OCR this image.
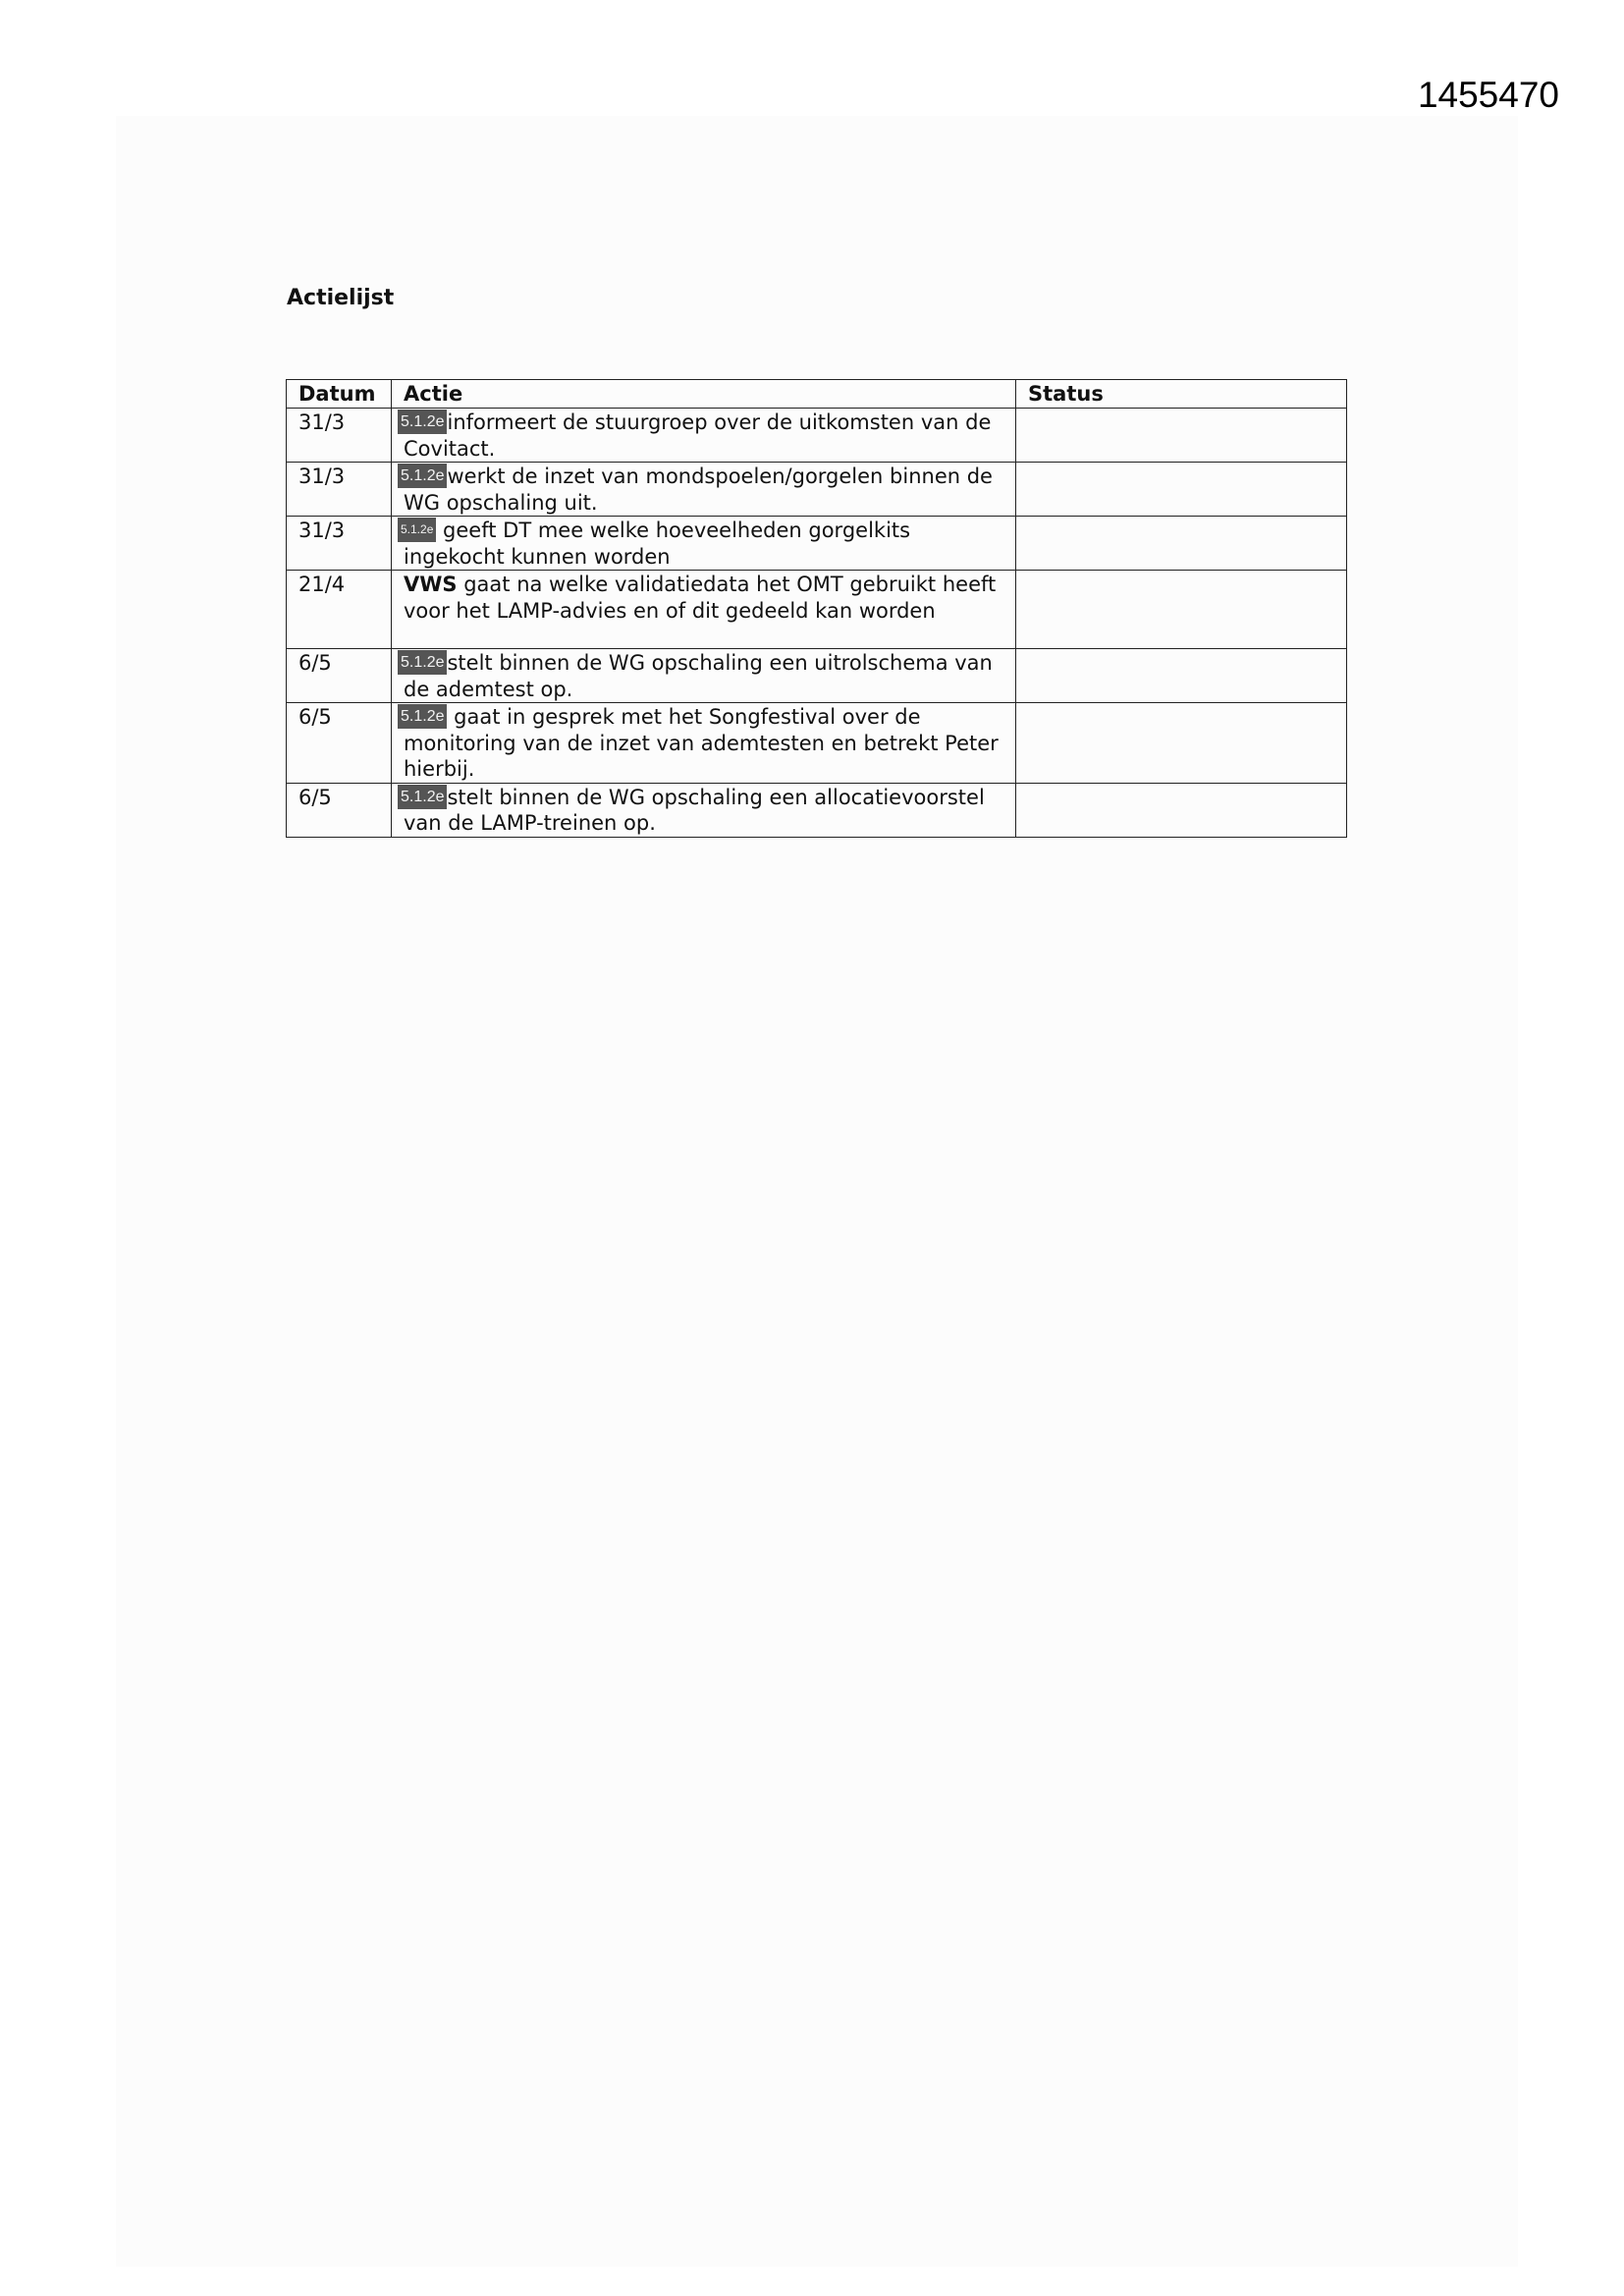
1455470
Actielijst
Datum	Actie	Status
31/3	5.1.2e informeert de stuurgroep over de uitkomsten van de Covitact.	
31/3	5.1.2e werkt de inzet van mondspoelen/gorgelen binnen de WG opschaling uit.	
31/3	5.1.2e geeft DT mee welke hoeveelheden gorgelkits ingekocht kunnen worden	
21/4	VWS gaat na welke validatiedata het OMT gebruikt heeft voor het LAMP-advies en of dit gedeeld kan worden	
6/5	5.1.2e stelt binnen de WG opschaling een uitrolschema van de ademtest op.	
6/5	5.1.2e gaat in gesprek met het Songfestival over de monitoring van de inzet van ademtesten en betrekt Peter hierbij.	
6/5	5.1.2e stelt binnen de WG opschaling een allocatievoorstel van de LAMP-treinen op.	
